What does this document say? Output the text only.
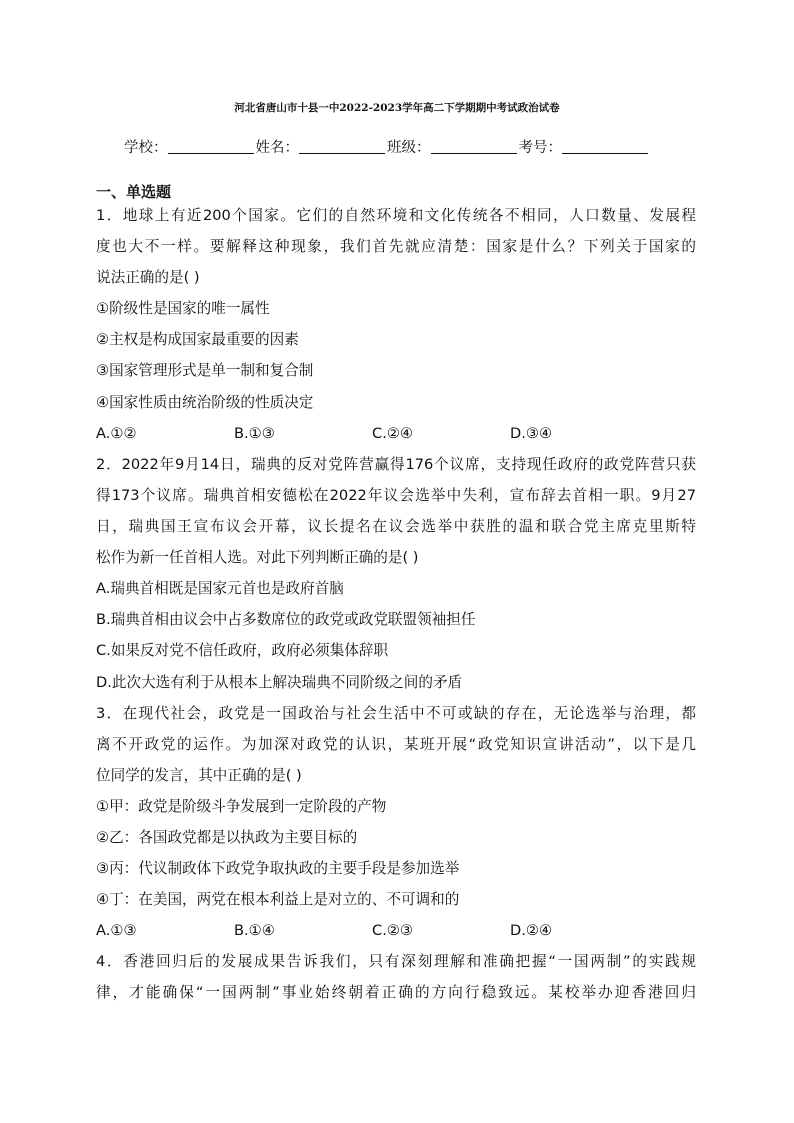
河北省唐山市十县一中2022-2023学年高二下学期期中考试政治试卷
学校：	姓名：	班级：	考号：
一、单选题
1．地球上有近200个国家。它们的自然环境和文化传统各不相同，人口数量、发展程
度也大不一样。要解释这种现象，我们首先就应清楚：国家是什么？下列关于国家的
说法正确的是( )
①阶级性是国家的唯一属性
②主权是构成国家最重要的因素
③国家管理形式是单一制和复合制
④国家性质由统治阶级的性质决定
A.①②	B.①③	C.②④	D.③④
2．2022年9月14日，瑞典的反对党阵营赢得176个议席，支持现任政府的政党阵营只获
得173个议席。瑞典首相安德松在2022年议会选举中失利，宣布辞去首相一职。9月27
日，瑞典国王宣布议会开幕，议长提名在议会选举中获胜的温和联合党主席克里斯特
松作为新一任首相人选。对此下列判断正确的是( )
A.瑞典首相既是国家元首也是政府首脑
B.瑞典首相由议会中占多数席位的政党或政党联盟领袖担任
C.如果反对党不信任政府，政府必须集体辞职
D.此次大选有利于从根本上解决瑞典不同阶级之间的矛盾
3．在现代社会，政党是一国政治与社会生活中不可或缺的存在，无论选举与治理，都
离不开政党的运作。为加深对政党的认识，某班开展“政党知识宣讲活动”，以下是几
位同学的发言，其中正确的是( )
①甲：政党是阶级斗争发展到一定阶段的产物
②乙：各国政党都是以执政为主要目标的
③丙：代议制政体下政党争取执政的主要手段是参加选举
④丁：在美国，两党在根本利益上是对立的、不可调和的
A.①③	B.①④	C.②③	D.②④
4．香港回归后的发展成果告诉我们，只有深刻理解和准确把握“一国两制”的实践规
律，才能确保“一国两制”事业始终朝着正确的方向行稳致远。某校举办迎香港回归
